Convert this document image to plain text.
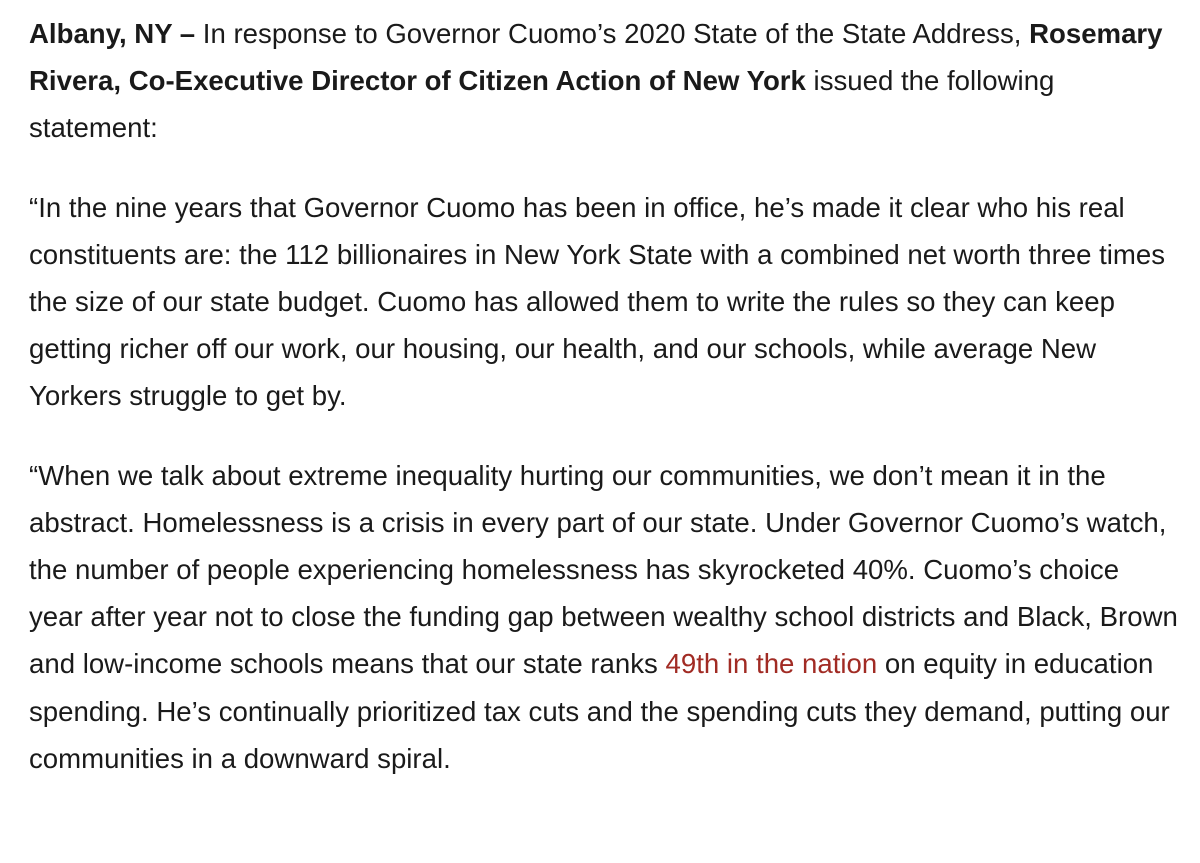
Albany, NY – In response to Governor Cuomo’s 2020 State of the State Address, Rosemary Rivera, Co-Executive Director of Citizen Action of New York issued the following statement:

“In the nine years that Governor Cuomo has been in office, he’s made it clear who his real constituents are: the 112 billionaires in New York State with a combined net worth three times the size of our state budget. Cuomo has allowed them to write the rules so they can keep getting richer off our work, our housing, our health, and our schools, while average New Yorkers struggle to get by.

“When we talk about extreme inequality hurting our communities, we don’t mean it in the abstract. Homelessness is a crisis in every part of our state. Under Governor Cuomo’s watch, the number of people experiencing homelessness has skyrocketed 40%. Cuomo’s choice year after year not to close the funding gap between wealthy school districts and Black, Brown and low-income schools means that our state ranks 49th in the nation on equity in education spending. He’s continually prioritized tax cuts and the spending cuts they demand, putting our communities in a downward spiral.
